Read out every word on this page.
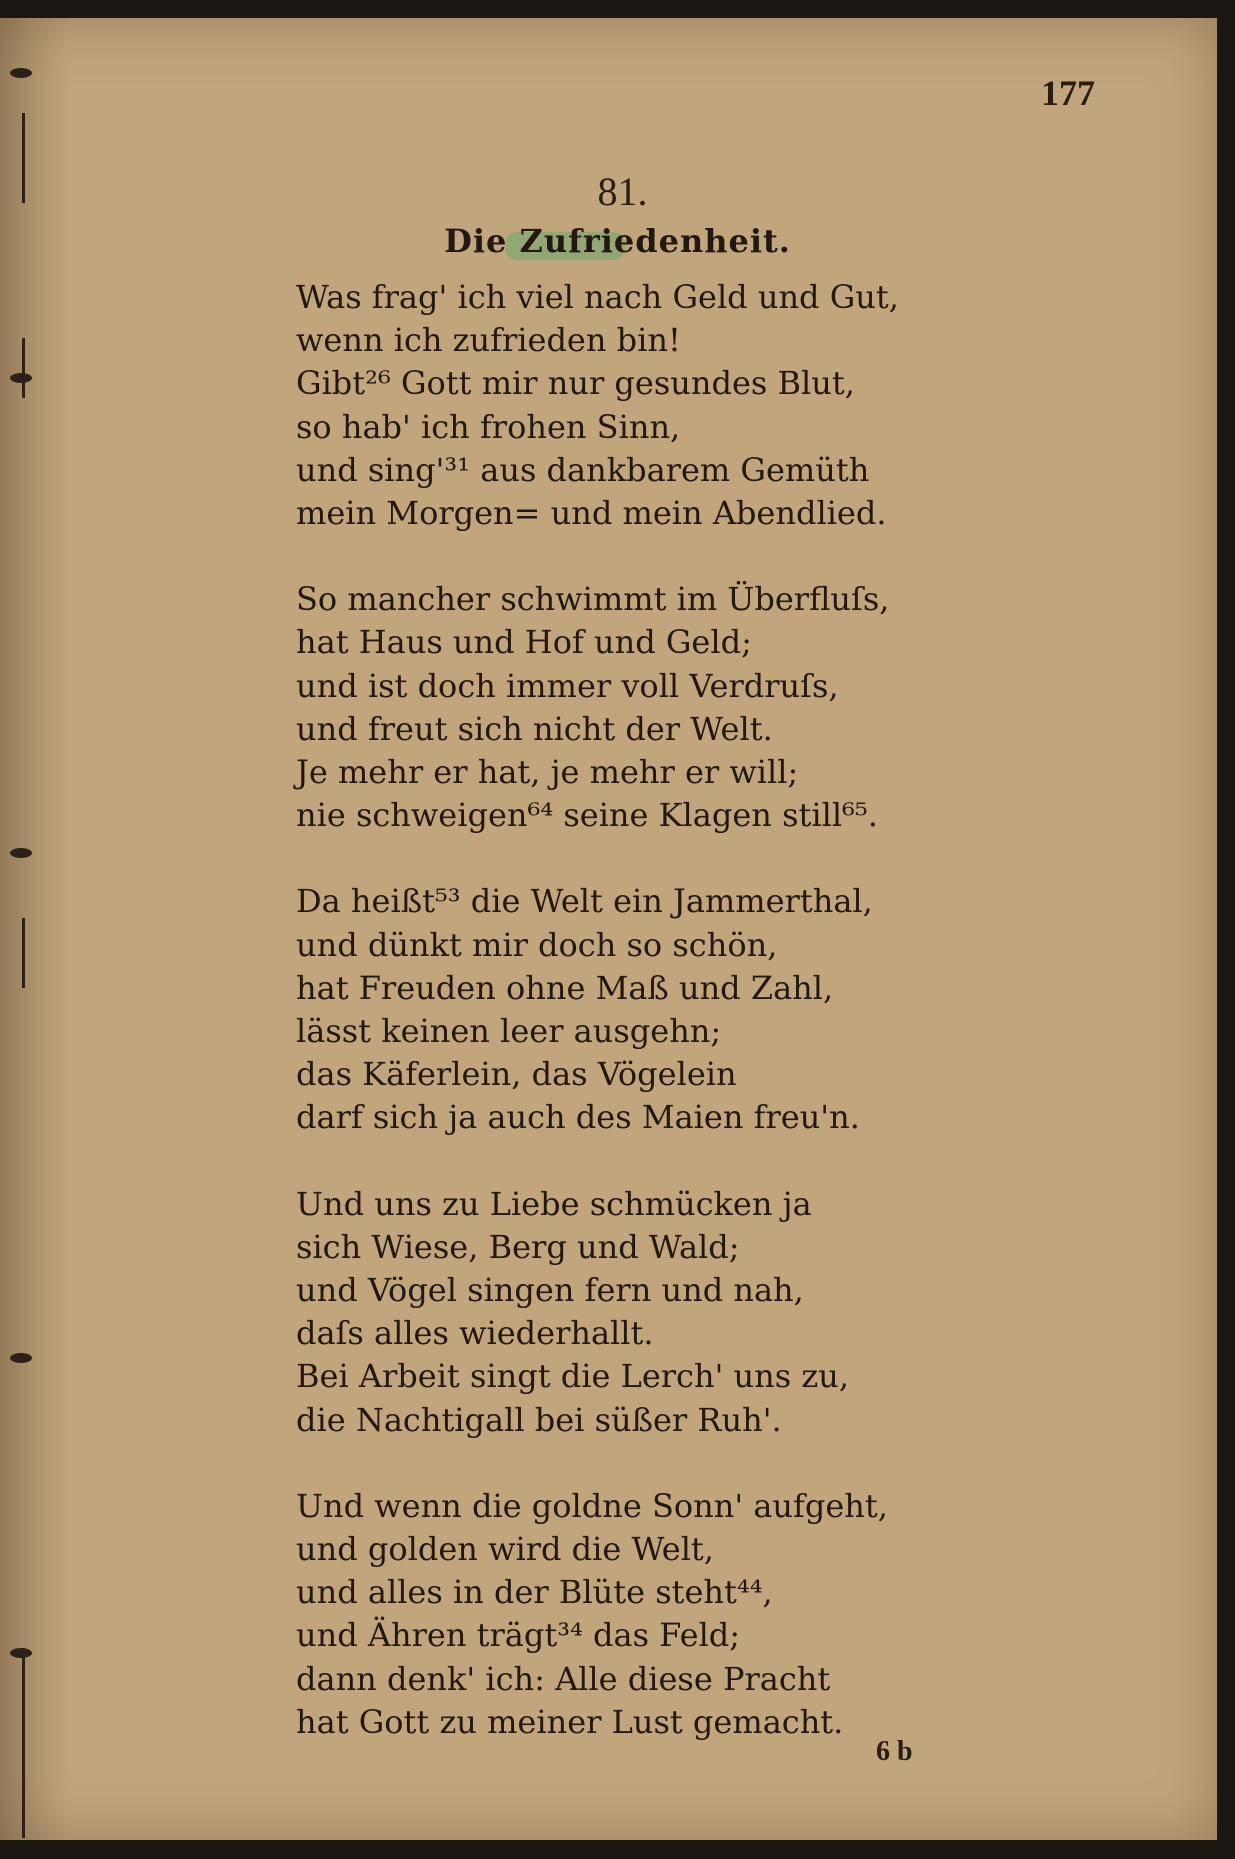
177
81.
Die Zufriedenheit.
Was frag' ich viel nach Geld und Gut,
wenn ich zufrieden bin!
Gibt²⁶ Gott mir nur gesundes Blut,
so hab' ich frohen Sinn,
und sing'³¹ aus dankbarem Gemüth
mein Morgen= und mein Abendlied.
So mancher schwimmt im Überfluſs,
hat Haus und Hof und Geld;
und ist doch immer voll Verdruſs,
und freut sich nicht der Welt.
Je mehr er hat, je mehr er will;
nie schweigen⁶⁴ seine Klagen still⁶⁵.
Da heißt⁵³ die Welt ein Jammerthal,
und dünkt mir doch so schön,
hat Freuden ohne Maß und Zahl,
lässt keinen leer ausgehn;
das Käferlein, das Vögelein
darf sich ja auch des Maien freu'n.
Und uns zu Liebe schmücken ja
sich Wiese, Berg und Wald;
und Vögel singen fern und nah,
daſs alles wiederhallt.
Bei Arbeit singt die Lerch' uns zu,
die Nachtigall bei süßer Ruh'.
Und wenn die goldne Sonn' aufgeht,
und golden wird die Welt,
und alles in der Blüte steht⁴⁴,
und Ähren trägt³⁴ das Feld;
dann denk' ich: Alle diese Pracht
hat Gott zu meiner Lust gemacht.
6 b
